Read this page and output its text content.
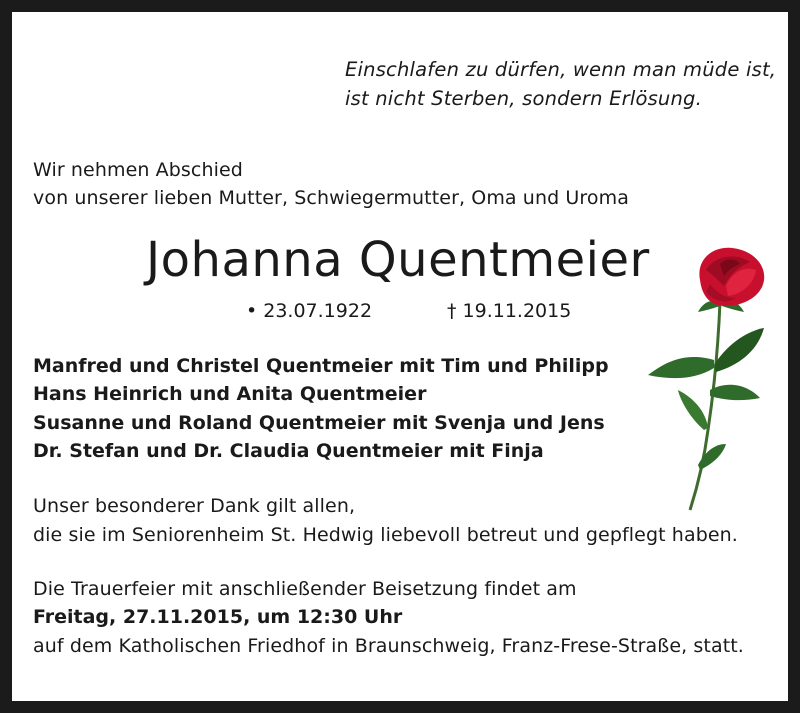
Einschlafen zu dürfen, wenn man müde ist,
ist nicht Sterben, sondern Erlösung.
Wir nehmen Abschied
von unserer lieben Mutter, Schwiegermutter, Oma und Uroma
Johanna Quentmeier
• 23.07.1922	† 19.11.2015
Manfred und Christel Quentmeier mit Tim und Philipp
Hans Heinrich und Anita Quentmeier
Susanne und Roland Quentmeier mit Svenja und Jens
Dr. Stefan und Dr. Claudia Quentmeier mit Finja
Unser besonderer Dank gilt allen,
die sie im Seniorenheim St. Hedwig liebevoll betreut und gepflegt haben.
Die Trauerfeier mit anschließender Beisetzung findet am
Freitag, 27.11.2015, um 12:30 Uhr
auf dem Katholischen Friedhof in Braunschweig, Franz-Frese-Straße, statt.
